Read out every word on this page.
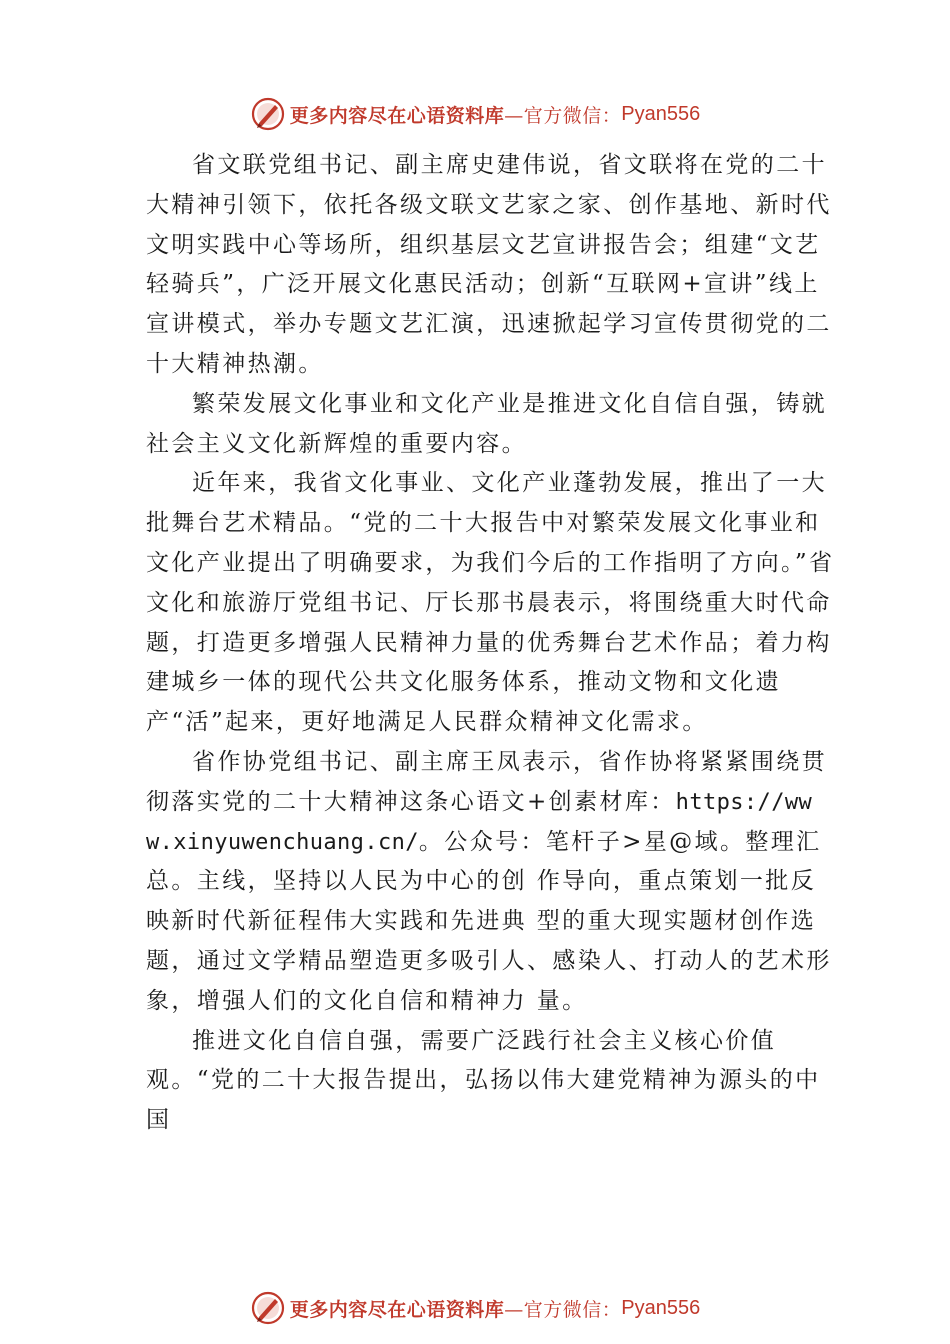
更多内容尽在心语资料库 —官方微信： Pyan556

省文联党组书记、副主席史建伟说，省文联将在党的二十大精神引领下，依托各级文联文艺家之家、创作基地、新时代文明实践中心等场所，组织基层文艺宣讲报告会；组建“文艺轻骑兵”，广泛开展文化惠民活动；创新“互联网+宣讲”线上宣讲模式，举办专题文艺汇演，迅速掀起学习宣传贯彻党的二十大精神热潮。

繁荣发展文化事业和文化产业是推进文化自信自强，铸就社会主义文化新辉煌的重要内容。

近年来，我省文化事业、文化产业蓬勃发展，推出了一大批舞台艺术精品。“党的二十大报告中对繁荣发展文化事业和文化产业提出了明确要求，为我们今后的工作指明了方向。”省文化和旅游厅党组书记、厅长那书晨表示，将围绕重大时代命题，打造更多增强人民精神力量的优秀舞台艺术作品；着力构建城乡一体的现代公共文化服务体系，推动文物和文化遗产“活”起来，更好地满足人民群众精神文化需求。

省作协党组书记、副主席王凤表示，省作协将紧紧围绕贯彻落实党的二十大精神这条心语文+创素材库：https://www.xinyuwenchuang.cn/。公众号：笔杆子>星@域。整理汇总。主线，坚持以人民为中心的创 作导向，重点策划一批反映新时代新征程伟大实践和先进典 型的重大现实题材创作选题，通过文学精品塑造更多吸引人、感染人、打动人的艺术形象，增强人们的文化自信和精神力 量。

推进文化自信自强，需要广泛践行社会主义核心价值观。“党的二十大报告提出，弘扬以伟大建党精神为源头的中国

更多内容尽在心语资料库 —官方微信： Pyan556
